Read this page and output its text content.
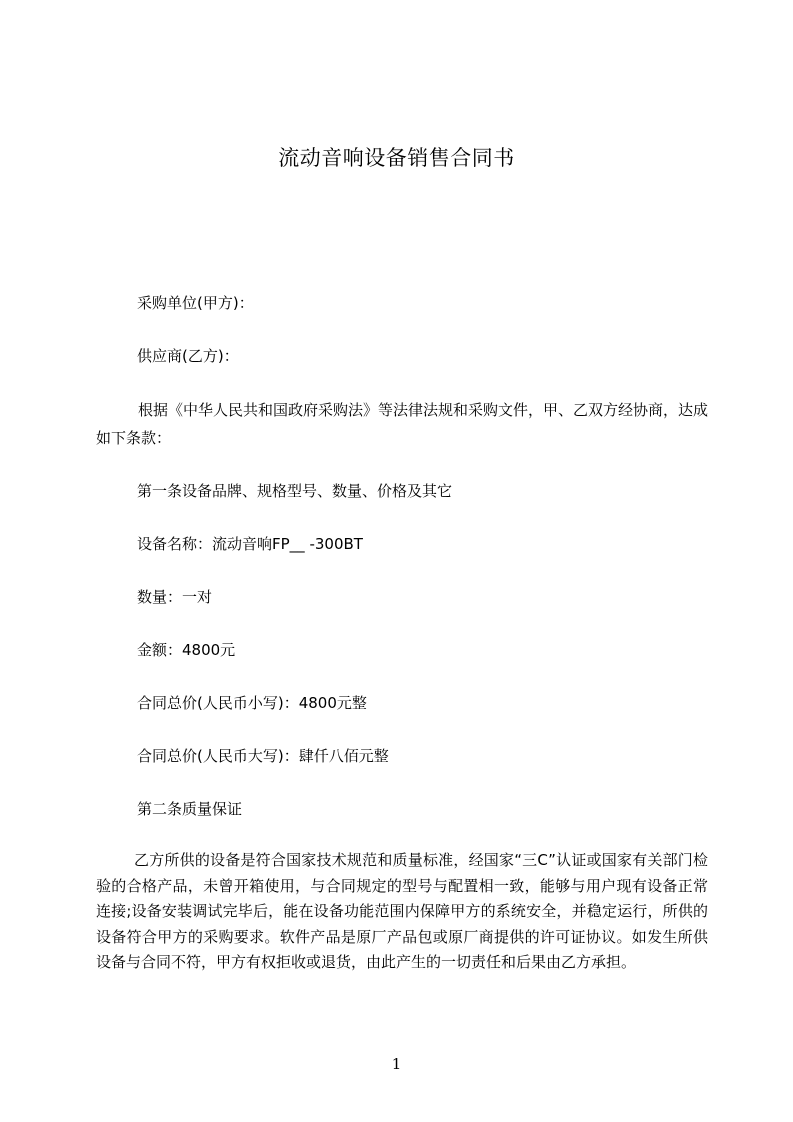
流动音响设备销售合同书
采购单位(甲方)：
供应商(乙方)：
根据《中华人民共和国政府采购法》等法律法规和采购文件，甲、乙双方经协商，达成如下条款：
第一条设备品牌、规格型号、数量、价格及其它
设备名称：流动音响FP__ -300BT
数量：一对
金额：4800元
合同总价(人民币小写)：4800元整
合同总价(人民币大写)：肆仟八佰元整
第二条质量保证
乙方所供的设备是符合国家技术规范和质量标准，经国家“三C”认证或国家有关部门检验的合格产品，未曾开箱使用，与合同规定的型号与配置相一致，能够与用户现有设备正常连接;设备安装调试完毕后，能在设备功能范围内保障甲方的系统安全，并稳定运行，所供的设备符合甲方的采购要求。软件产品是原厂产品包或原厂商提供的许可证协议。如发生所供设备与合同不符，甲方有权拒收或退货，由此产生的一切责任和后果由乙方承担。
1
